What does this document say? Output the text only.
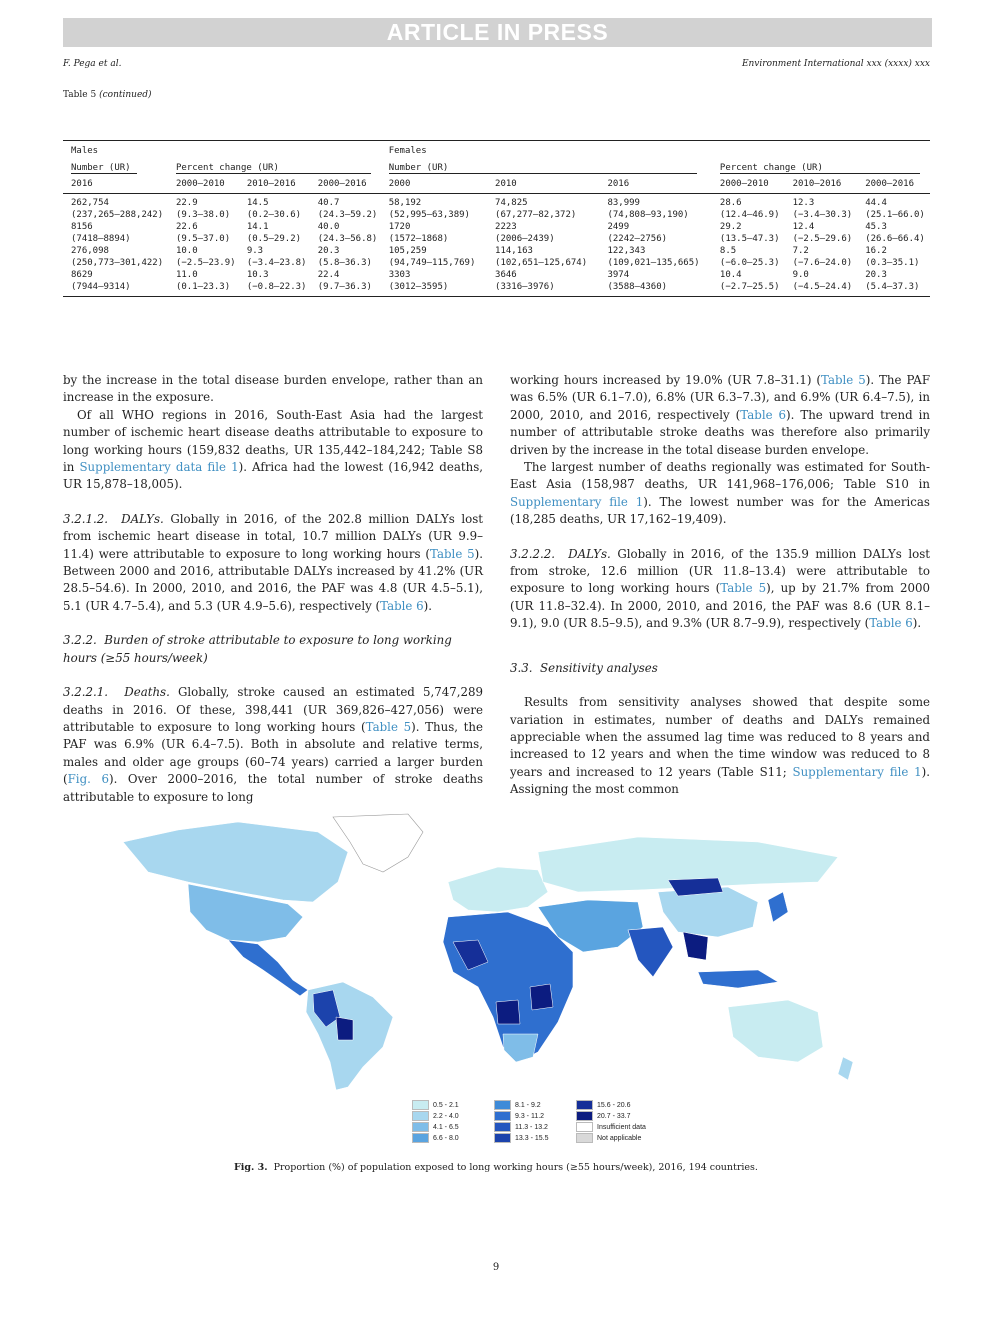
ARTICLE IN PRESS
F. Pega et al.	Environment International xxx (xxxx) xxx
Table 5 (continued)
Males				Females					
Number (UR)	Percent change (UR)			Number (UR)			Percent change (UR)		
2016	2000–2010	2010–2016	2000–2016	2000	2010	2016	2000–2010	2010–2016	2000–2016
262,754	22.9	14.5	40.7	58,192	74,825	83,999	28.6	12.3	44.4
(237,265–288,242)	(9.3–38.0)	(0.2–30.6)	(24.3–59.2)	(52,995–63,389)	(67,277–82,372)	(74,808–93,190)	(12.4–46.9)	(−3.4–30.3)	(25.1–66.0)
8156	22.6	14.1	40.0	1720	2223	2499	29.2	12.4	45.3
(7418–8894)	(9.5–37.0)	(0.5–29.2)	(24.3–56.8)	(1572–1868)	(2006–2439)	(2242–2756)	(13.5–47.3)	(−2.5–29.6)	(26.6–66.4)
276,098	10.0	9.3	20.3	105,259	114,163	122,343	8.5	7.2	16.2
(250,773–301,422)	(−2.5–23.9)	(−3.4–23.8)	(5.8–36.3)	(94,749–115,769)	(102,651–125,674)	(109,021–135,665)	(−6.0–25.3)	(−7.6–24.0)	(0.3–35.1)
8629	11.0	10.3	22.4	3303	3646	3974	10.4	9.0	20.3
(7944–9314)	(0.1–23.3)	(−0.8–22.3)	(9.7–36.3)	(3012–3595)	(3316–3976)	(3588–4360)	(−2.7–25.5)	(−4.5–24.4)	(5.4–37.3)

by the increase in the total disease burden envelope, rather than an increase in the exposure.

Of all WHO regions in 2016, South-East Asia had the largest number of ischemic heart disease deaths attributable to exposure to long working hours (159,832 deaths, UR 135,442–184,242; Table S8 in Supplementary data file 1). Africa had the lowest (16,942 deaths, UR 15,878–18,005).

3.2.1.2. DALYs. Globally in 2016, of the 202.8 million DALYs lost from ischemic heart disease in total, 10.7 million DALYs (UR 9.9–11.4) were attributable to exposure to long working hours (Table 5). Between 2000 and 2016, attributable DALYs increased by 41.2% (UR 28.5–54.6). In 2000, 2010, and 2016, the PAF was 4.8 (UR 4.5–5.1), 5.1 (UR 4.7–5.4), and 5.3 (UR 4.9–5.6), respectively (Table 6).

3.2.2. Burden of stroke attributable to exposure to long working hours (≥55 hours/week)

3.2.2.1. Deaths. Globally, stroke caused an estimated 5,747,289 deaths in 2016. Of these, 398,441 (UR 369,826–427,056) were attributable to exposure to long working hours (Table 5). Thus, the PAF was 6.9% (UR 6.4–7.5). Both in absolute and relative terms, males and older age groups (60–74 years) carried a larger burden (Fig. 6). Over 2000–2016, the total number of stroke deaths attributable to exposure to long

working hours increased by 19.0% (UR 7.8–31.1) (Table 5). The PAF was 6.5% (UR 6.1–7.0), 6.8% (UR 6.3–7.3), and 6.9% (UR 6.4–7.5), in 2000, 2010, and 2016, respectively (Table 6). The upward trend in number of attributable stroke deaths was therefore also primarily driven by the increase in the total disease burden envelope.

The largest number of deaths regionally was estimated for South-East Asia (158,987 deaths, UR 141,968–176,006; Table S10 in Supplementary file 1). The lowest number was for the Americas (18,285 deaths, UR 17,162–19,409).

3.2.2.2. DALYs. Globally in 2016, of the 135.9 million DALYs lost from stroke, 12.6 million (UR 11.8–13.4) were attributable to exposure to long working hours (Table 5), up by 21.7% from 2000 (UR 11.8–32.4). In 2000, 2010, and 2016, the PAF was 8.6 (UR 8.1–9.1), 9.0 (UR 8.5–9.5), and 9.3% (UR 8.7–9.9), respectively (Table 6).

3.3. Sensitivity analyses

Results from sensitivity analyses showed that despite some variation in estimates, number of deaths and DALYs remained appreciable when the assumed lag time was reduced to 8 years and increased to 12 years and when the time window was reduced to 8 years and increased to 12 years (Table S11; Supplementary file 1). Assigning the most common

0.5 - 2.1
2.2 - 4.0
4.1 - 6.5
6.6 - 8.0
8.1 - 9.2
9.3 - 11.2
11.3 - 13.2
13.3 - 15.5
15.6 - 20.6
20.7 - 33.7
Insufficient data
Not applicable
Fig. 3. Proportion (%) of population exposed to long working hours (≥55 hours/week), 2016, 194 countries.
9
